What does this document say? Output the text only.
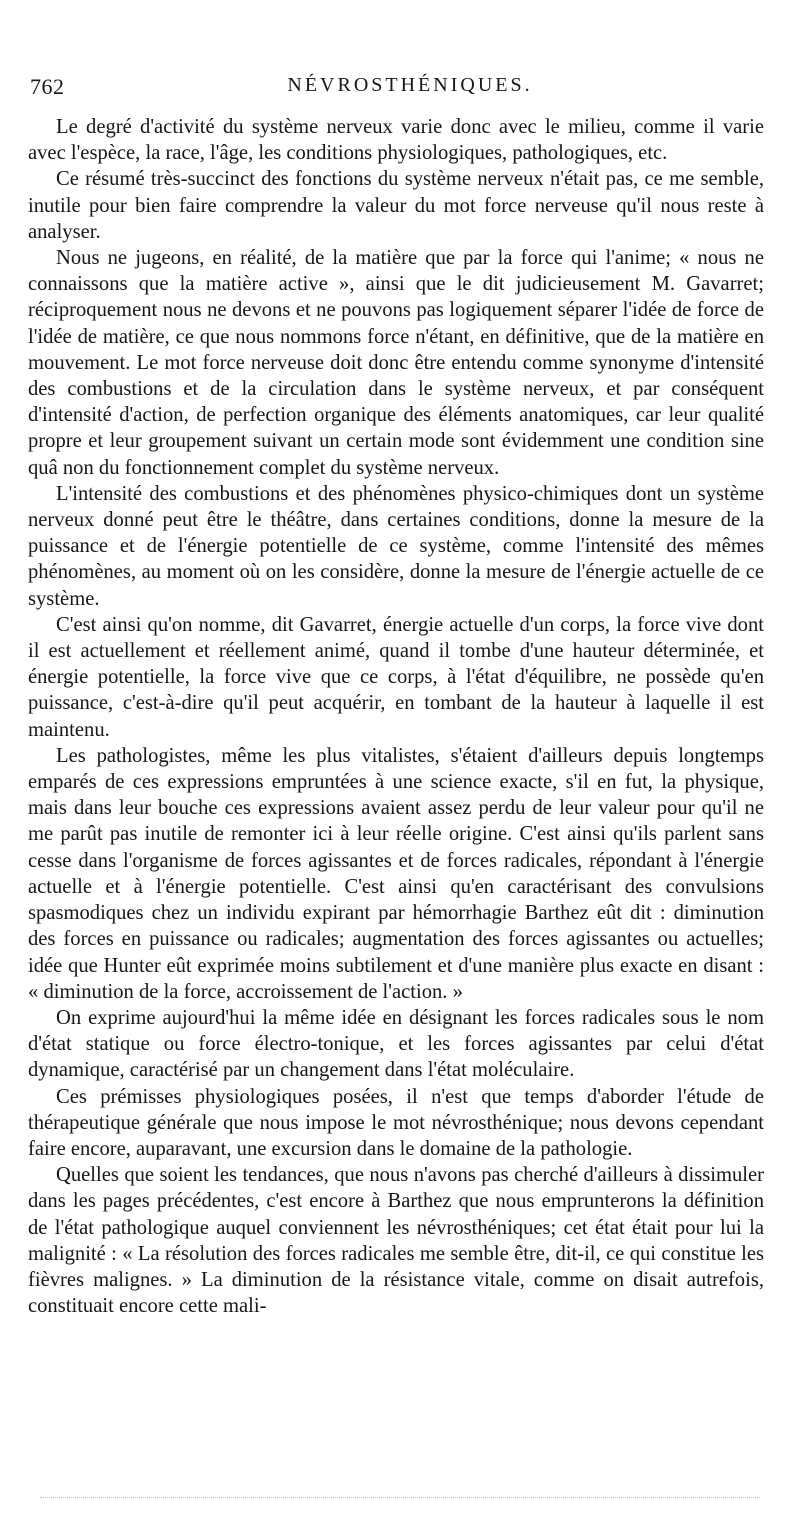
762	NÉVROSTHÉNIQUES.

Le degré d'activité du système nerveux varie donc avec le milieu, comme il varie avec l'espèce, la race, l'âge, les conditions physiologiques, pathologiques, etc.

Ce résumé très-succinct des fonctions du système nerveux n'était pas, ce me semble, inutile pour bien faire comprendre la valeur du mot force nerveuse qu'il nous reste à analyser.

Nous ne jugeons, en réalité, de la matière que par la force qui l'anime; « nous ne connaissons que la matière active », ainsi que le dit judicieusement M. Gavarret; réciproquement nous ne devons et ne pouvons pas logiquement séparer l'idée de force de l'idée de matière, ce que nous nommons force n'étant, en définitive, que de la matière en mouvement. Le mot force nerveuse doit donc être entendu comme synonyme d'intensité des combustions et de la circulation dans le système nerveux, et par conséquent d'intensité d'action, de perfection organique des éléments anatomiques, car leur qualité propre et leur groupement suivant un certain mode sont évidemment une condition sine quâ non du fonctionnement complet du système nerveux.

L'intensité des combustions et des phénomènes physico-chimiques dont un système nerveux donné peut être le théâtre, dans certaines conditions, donne la mesure de la puissance et de l'énergie potentielle de ce système, comme l'intensité des mêmes phénomènes, au moment où on les considère, donne la mesure de l'énergie actuelle de ce système.

C'est ainsi qu'on nomme, dit Gavarret, énergie actuelle d'un corps, la force vive dont il est actuellement et réellement animé, quand il tombe d'une hauteur déterminée, et énergie potentielle, la force vive que ce corps, à l'état d'équilibre, ne possède qu'en puissance, c'est-à-dire qu'il peut acquérir, en tombant de la hauteur à laquelle il est maintenu.

Les pathologistes, même les plus vitalistes, s'étaient d'ailleurs depuis longtemps emparés de ces expressions empruntées à une science exacte, s'il en fut, la physique, mais dans leur bouche ces expressions avaient assez perdu de leur valeur pour qu'il ne me parût pas inutile de remonter ici à leur réelle origine. C'est ainsi qu'ils parlent sans cesse dans l'organisme de forces agissantes et de forces radicales, répondant à l'énergie actuelle et à l'énergie potentielle. C'est ainsi qu'en caractérisant des convulsions spasmodiques chez un individu expirant par hémorrhagie Barthez eût dit : diminution des forces en puissance ou radicales; augmentation des forces agissantes ou actuelles; idée que Hunter eût exprimée moins subtilement et d'une manière plus exacte en disant : « diminution de la force, accroissement de l'action. »

On exprime aujourd'hui la même idée en désignant les forces radicales sous le nom d'état statique ou force électro-tonique, et les forces agissantes par celui d'état dynamique, caractérisé par un changement dans l'état moléculaire.

Ces prémisses physiologiques posées, il n'est que temps d'aborder l'étude de thérapeutique générale que nous impose le mot névrosthénique; nous devons cependant faire encore, auparavant, une excursion dans le domaine de la pathologie.

Quelles que soient les tendances, que nous n'avons pas cherché d'ailleurs à dissimuler dans les pages précédentes, c'est encore à Barthez que nous emprunterons la définition de l'état pathologique auquel conviennent les névrosthéniques; cet état était pour lui la malignité : « La résolution des forces radicales me semble être, dit-il, ce qui constitue les fièvres malignes. » La diminution de la résistance vitale, comme on disait autrefois, constituait encore cette mali-
